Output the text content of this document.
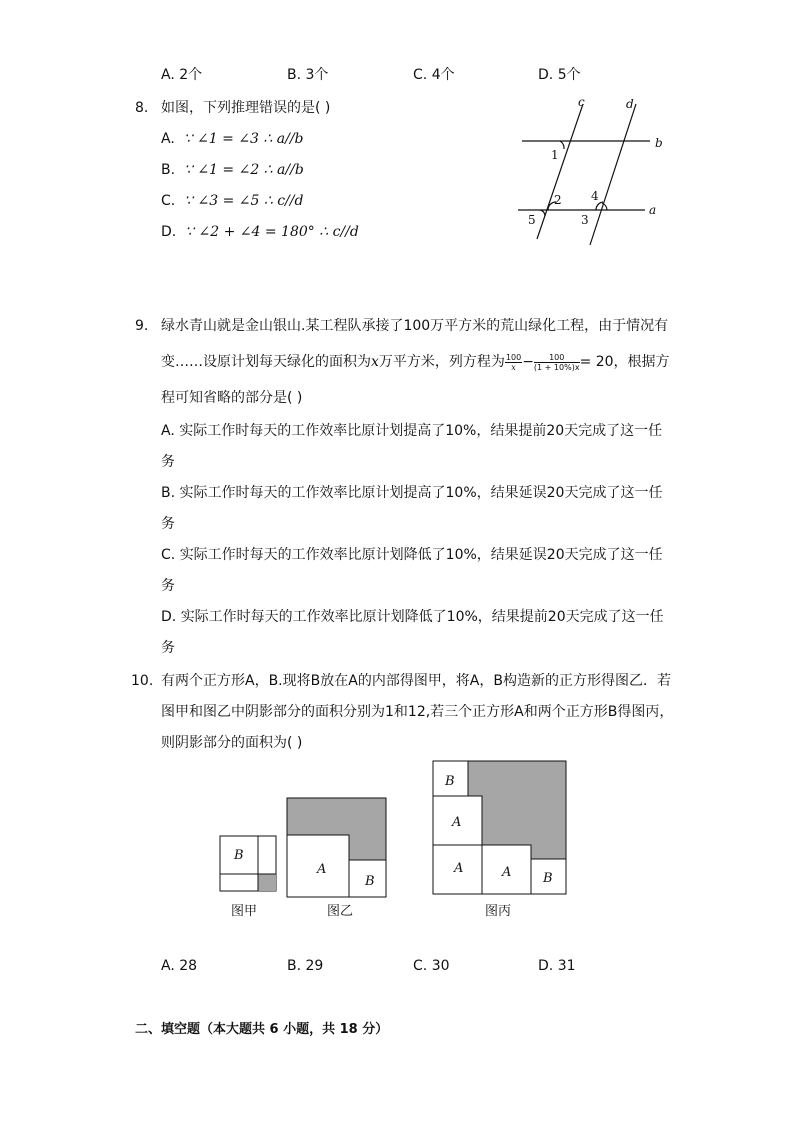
A. 2个	B. 3个	C. 4个	D. 5个
8. 如图，下列推理错误的是( )
A. ∵ ∠1 = ∠3 ∴ a//b
B. ∵ ∠1 = ∠2 ∴ a//b
C. ∵ ∠3 = ∠5 ∴ c//d
D. ∵ ∠2 + ∠4 = 180° ∴ c//d
c	d
b
a
1
2
3
4
5
9. 绿水青山就是金山银山.某工程队承接了100万平方米的荒山绿化工程，由于情况有
变……设原计划每天绿化的面积为x万平方米，列方程为 $\frac{100}{x} - \frac{100}{(1 + 10\%)x} = 20$，根据方
程可知省略的部分是( )
A. 实际工作时每天的工作效率比原计划提高了10%，结果提前20天完成了这一任
务
B. 实际工作时每天的工作效率比原计划提高了10%，结果延误20天完成了这一任
务
C. 实际工作时每天的工作效率比原计划降低了10%，结果延误20天完成了这一任
务
D. 实际工作时每天的工作效率比原计划降低了10%，结果提前20天完成了这一任
务
10. 有两个正方形A，B.现将B放在A的内部得图甲，将A，B构造新的正方形得图乙．若
图甲和图乙中阴影部分的面积分别为1和12,若三个正方形A和两个正方形B得图丙，
则阴影部分的面积为( )
B
图甲
A
B
图乙
B
A
A	A B
图丙
A. 28	B. 29	C. 30	D. 31
二、填空题（本大题共 6 小题，共 18 分）
